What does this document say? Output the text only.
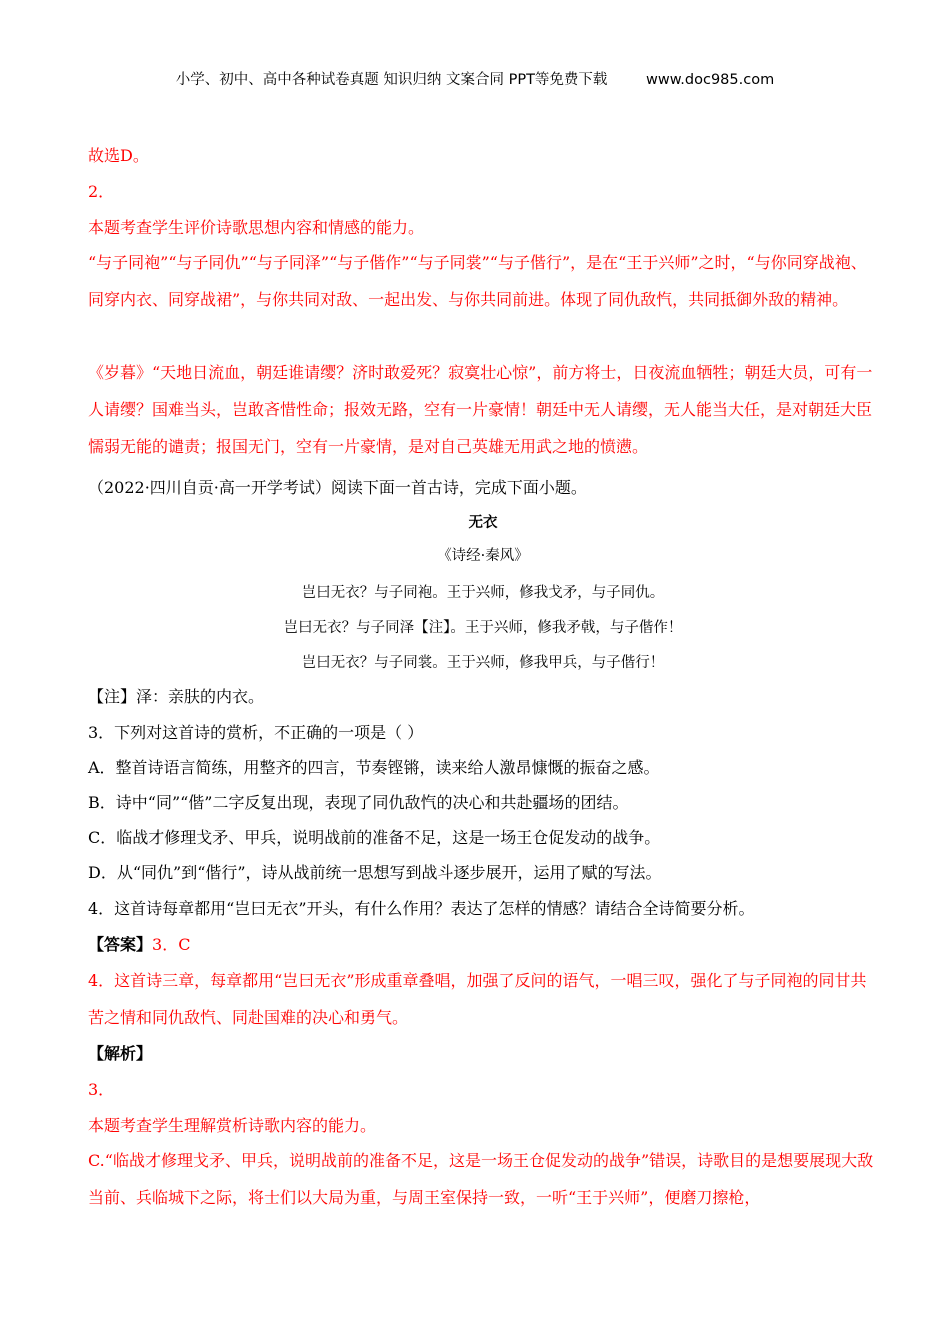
小学、初中、高中各种试卷真题 知识归纳 文案合同 PPT等免费下载	www.doc985.com
故选D。
2．
本题考查学生评价诗歌思想内容和情感的能力。
“与子同袍”“与子同仇”“与子同泽”“与子偕作”“与子同裳”“与子偕行”，是在“王于兴师”之时，“与你同穿战袍、同穿内衣、同穿战裙”，与你共同对敌、一起出发、与你共同前进。体现了同仇敌忾，共同抵御外敌的精神。
《岁暮》“天地日流血，朝廷谁请缨？济时敢爱死？寂寞壮心惊”，前方将士，日夜流血牺牲；朝廷大员，可有一人请缨？国难当头，岂敢吝惜性命；报效无路，空有一片豪情！朝廷中无人请缨，无人能当大任，是对朝廷大臣懦弱无能的谴责；报国无门，空有一片豪情，是对自己英雄无用武之地的愤懑。
（2022·四川自贡·高一开学考试）阅读下面一首古诗，完成下面小题。
无衣
《诗经·秦风》
岂曰无衣？与子同袍。王于兴师，修我戈矛，与子同仇。
岂曰无衣？与子同泽【注】。王于兴师，修我矛戟，与子偕作！
岂曰无衣？与子同裳。王于兴师，修我甲兵，与子偕行！
【注】泽：亲肤的内衣。
3．下列对这首诗的赏析，不正确的一项是（ ）
A．整首诗语言简练，用整齐的四言，节奏铿锵，读来给人激昂慷慨的振奋之感。
B．诗中“同”“偕”二字反复出现，表现了同仇敌忾的决心和共赴疆场的团结。
C．临战才修理戈矛、甲兵，说明战前的准备不足，这是一场王仓促发动的战争。
D．从“同仇”到“偕行”，诗从战前统一思想写到战斗逐步展开，运用了赋的写法。
4．这首诗每章都用“岂曰无衣”开头，有什么作用？表达了怎样的情感？请结合全诗简要分析。
【答案】3．C
4．这首诗三章，每章都用“岂曰无衣”形成重章叠唱，加强了反问的语气，一唱三叹，强化了与子同袍的同甘共苦之情和同仇敌忾、同赴国难的决心和勇气。
【解析】
3．
本题考查学生理解赏析诗歌内容的能力。
C.“临战才修理戈矛、甲兵，说明战前的准备不足，这是一场王仓促发动的战争”错误，诗歌目的是想要展现大敌当前、兵临城下之际，将士们以大局为重，与周王室保持一致，一听“王于兴师”，便磨刀擦枪，
